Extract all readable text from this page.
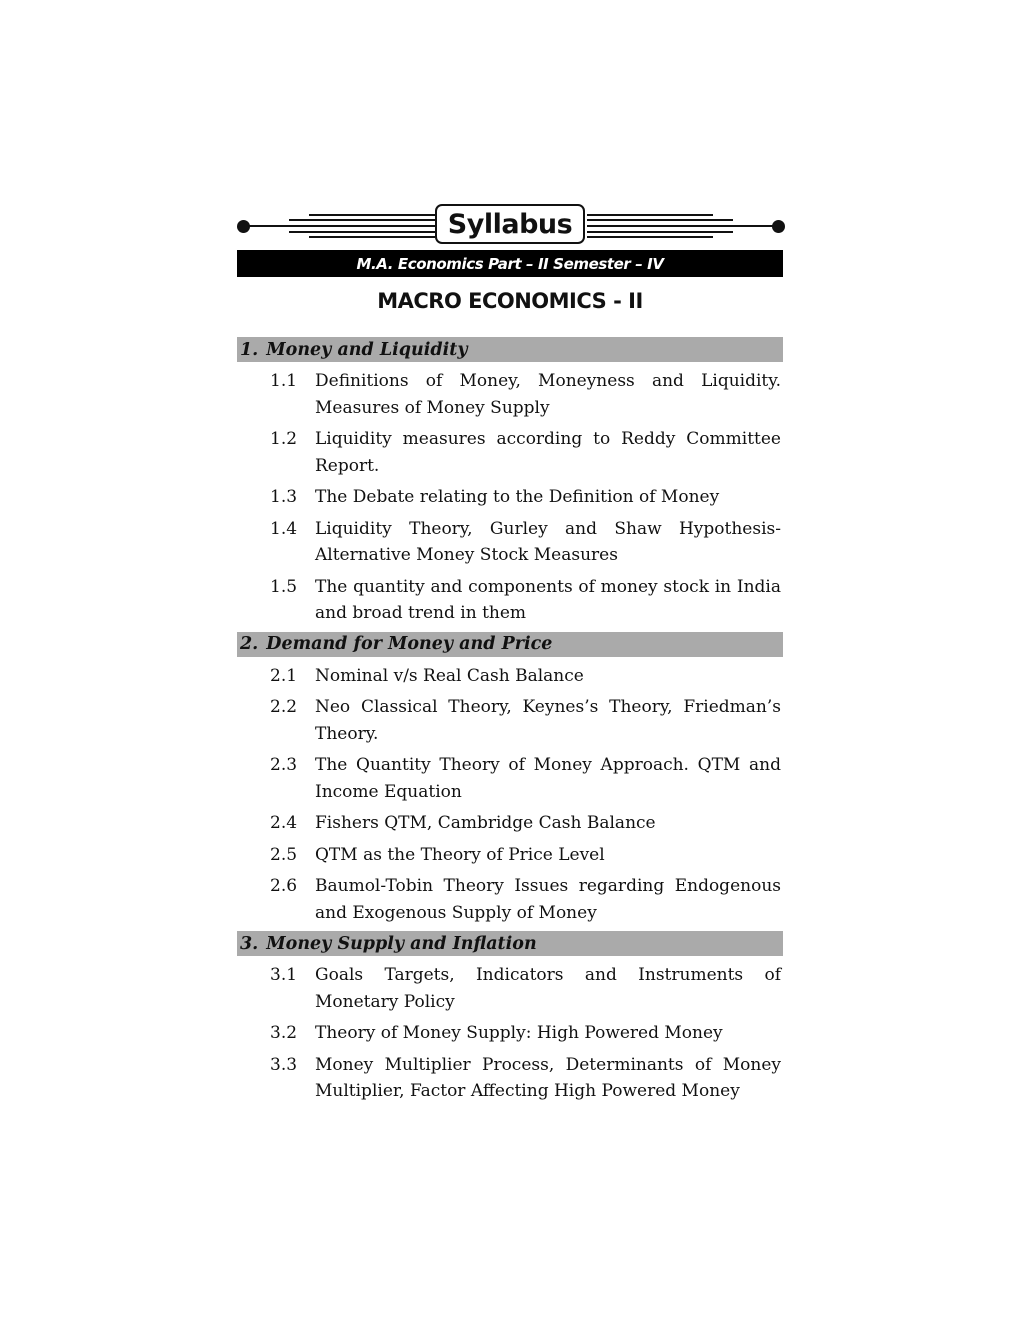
Syllabus
M.A. Economics Part – II Semester – IV
MACRO ECONOMICS - II
1. Money and Liquidity
1.1	Definitions of Money, Moneyness and Liquidity. Measures of Money Supply
1.2	Liquidity measures according to Reddy Committee Report.
1.3	The Debate relating to the Definition of Money
1.4	Liquidity Theory, Gurley and Shaw Hypothesis- Alternative Money Stock Measures
1.5	The quantity and components of money stock in India and broad trend in them
2. Demand for Money and Price
2.1	Nominal v/s Real Cash Balance
2.2	Neo Classical Theory, Keynes’s Theory, Friedman’s Theory.
2.3	The Quantity Theory of Money Approach. QTM and Income Equation
2.4	Fishers QTM, Cambridge Cash Balance
2.5	QTM as the Theory of Price Level
2.6	Baumol-Tobin Theory Issues regarding Endogenous and Exogenous Supply of Money
3. Money Supply and Inflation
3.1	Goals Targets, Indicators and Instruments of Monetary Policy
3.2	Theory of Money Supply: High Powered Money
3.3	Money Multiplier Process, Determinants of Money Multiplier, Factor Affecting High Powered Money
